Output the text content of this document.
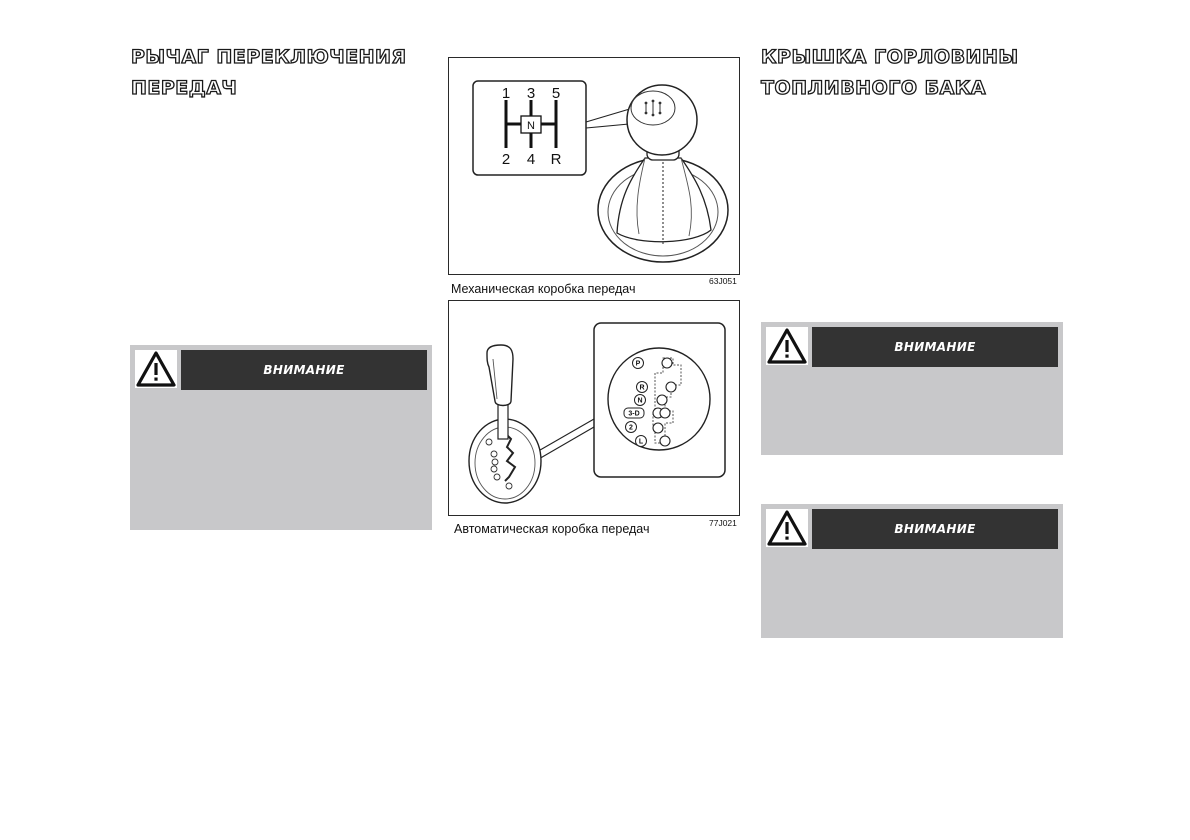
РЫЧАГ ПЕРЕКЛЮЧЕНИЯ
ПЕРЕДАЧ
ВНИМАНИЕ
N
1 3 5
2 4 R
63J051
Механическая коробка передач
P
R
N
3-D
2
L
77J021
Автоматическая коробка передач
КРЫШКА ГОРЛОВИНЫ
ТОПЛИВНОГО БАКА
ВНИМАНИЕ
ВНИМАНИЕ
